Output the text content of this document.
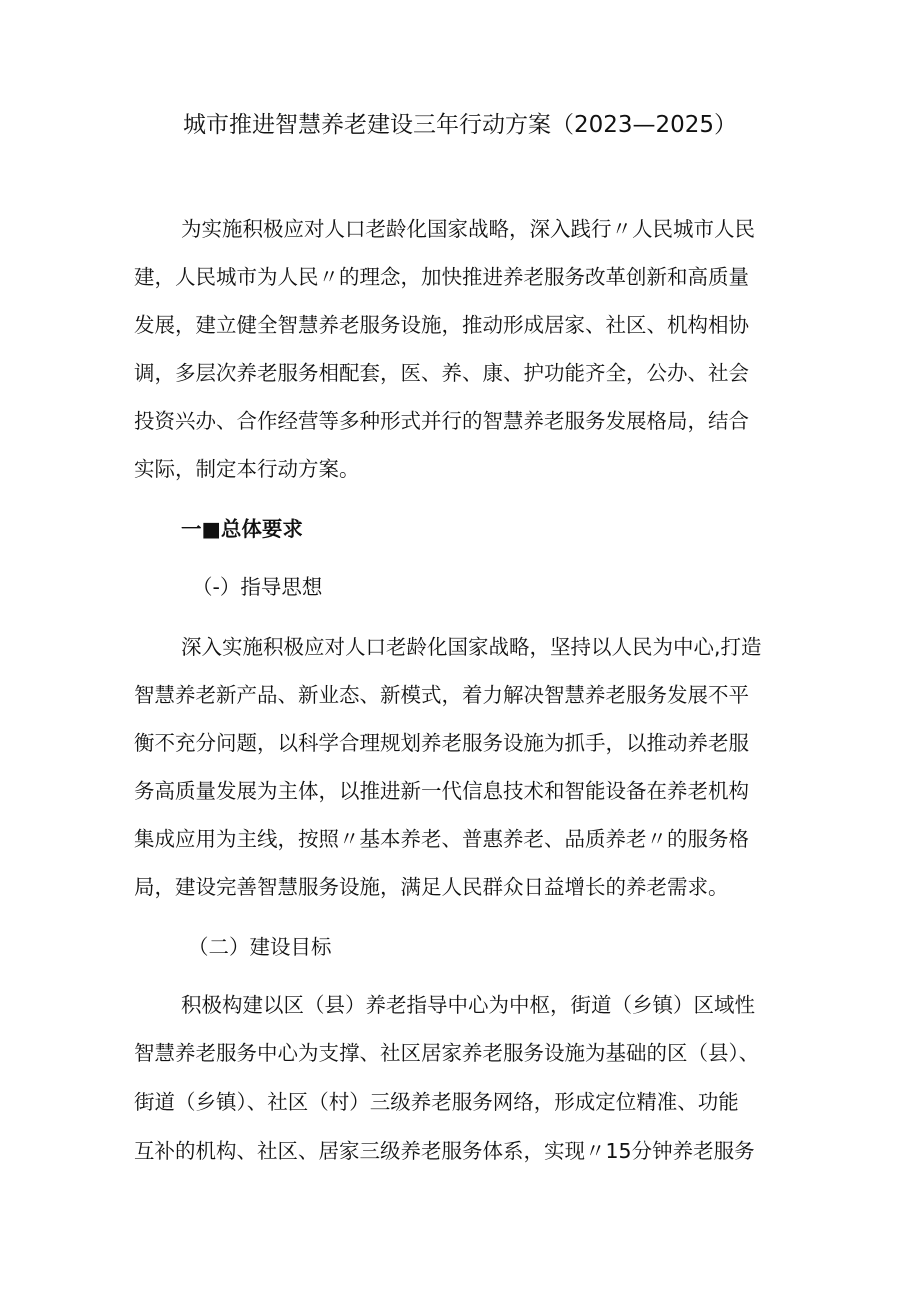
城市推进智慧养老建设三年行动方案（2023—2025）
为实施积极应对人口老龄化国家战略，深入践行〃人民城市人民
建，人民城市为人民〃的理念，加快推进养老服务改革创新和高质量
发展，建立健全智慧养老服务设施，推动形成居家、社区、机构相协
调，多层次养老服务相配套，医、养、康、护功能齐全，公办、社会
投资兴办、合作经营等多种形式并行的智慧养老服务发展格局，结合
实际，制定本行动方案。
一■总体要求
（-）指导思想
深入实施积极应对人口老龄化国家战略，坚持以人民为中心,打造
智慧养老新产品、新业态、新模式，着力解决智慧养老服务发展不平
衡不充分问题，以科学合理规划养老服务设施为抓手，以推动养老服
务高质量发展为主体，以推进新一代信息技术和智能设备在养老机构
集成应用为主线，按照〃基本养老、普惠养老、品质养老〃的服务格
局，建设完善智慧服务设施，满足人民群众日益增长的养老需求。
（二）建设目标
积极构建以区（县）养老指导中心为中枢，街道（乡镇）区域性
智慧养老服务中心为支撑、社区居家养老服务设施为基础的区（县）、
街道（乡镇）、社区（村）三级养老服务网络，形成定位精准、功能
互补的机构、社区、居家三级养老服务体系，实现〃15分钟养老服务
